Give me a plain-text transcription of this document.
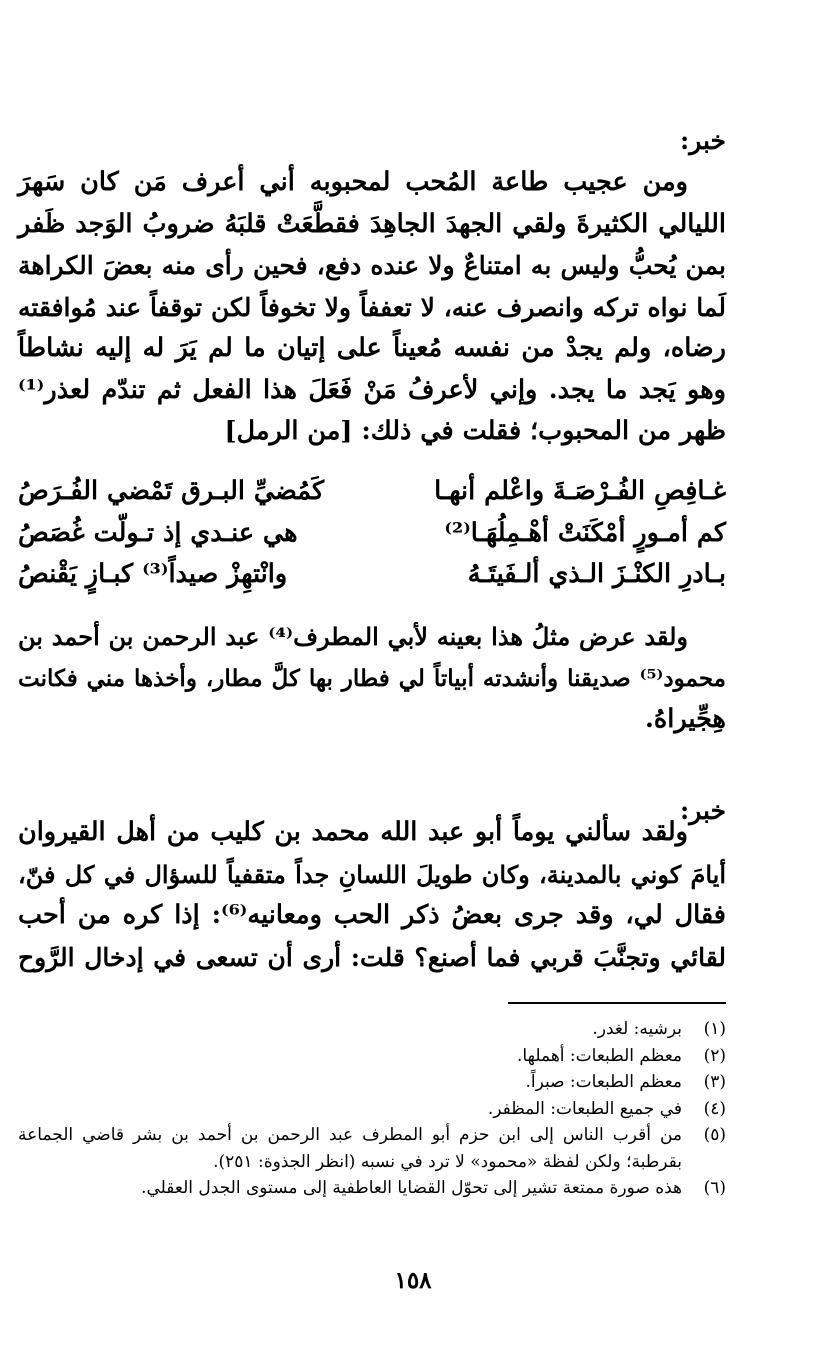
خبر:
ومن عجيب طاعة المُحب لمحبوبه أني أعرف مَن كان سَهرَ
الليالي الكثيرةَ ولقي الجهدَ الجاهِدَ فقطَّعَتْ قلبَهُ ضروبُ الوَجد ظَفر
بمن يُحبُّ وليس به امتناعٌ ولا عنده دفع، فحين رأى منه بعضَ الكراهة
لَما نواه تركه وانصرف عنه، لا تعففاً ولا تخوفاً لكن توقفاً عند مُوافقته
رضاه، ولم يجدْ من نفسه مُعيناً على إتيان ما لم يَرَ له إليه نشاطاً
وهو يَجد ما يجد. وإني لأعرفُ مَنْ فَعَلَ هذا الفعل ثم تندّم لعذر⁽¹⁾
ظهر من المحبوب؛ فقلت في ذلك: [من الرمل]
غـافِصِ الفُـرْصَـةَ واعْلم أنهـا
كَمُضيِّ البـرق تَمْضي الفُـرَصُ
كم أمـورٍ أمْكَنَتْ أهْـمِلُهَـا⁽²⁾
هي عنـدي إذ تـولّت غُصَصُ
بـادرِ الكنْـزَ الـذي ألـفَيتَـهُ
وانْتهِزْ صيداً⁽³⁾ كبـازٍ يَقْنصُ
ولقد عرض مثلُ هذا بعينه لأبي المطرف⁽⁴⁾ عبد الرحمن بن أحمد بن
محمود⁽⁵⁾ صديقنا وأنشدته أبياتاً لي فطار بها كلَّ مطار، وأخذها مني فكانت
هِجِّيراهُ.
خبر:
ولقد سألني يوماً أبو عبد الله محمد بن كليب من أهل القيروان
أيامَ كوني بالمدينة، وكان طويلَ اللسانِ جداً متقفياً للسؤال في كل فنّ،
فقال لي، وقد جرى بعضُ ذكر الحب ومعانيه⁽⁶⁾: إذا كره من أحب
لقائي وتجنَّبَ قربي فما أصنع؟ قلت: أرى أن تسعى في إدخال الرَّوح
(١)
برشيه: لغدر.
(٢)
معظم الطبعات: أهملها.
(٣)
معظم الطبعات: صبراً.
(٤)
في جميع الطبعات: المظفر.
(٥)
من أقرب الناس إلى ابن حزم أبو المطرف عبد الرحمن بن أحمد بن بشر قاضي الجماعة بقرطبة؛ ولكن لفظة «محمود» لا ترد في نسبه (انظر الجذوة: ٢٥١).
(٦)
هذه صورة ممتعة تشير إلى تحوّل القضايا العاطفية إلى مستوى الجدل العقلي.
١٥٨
